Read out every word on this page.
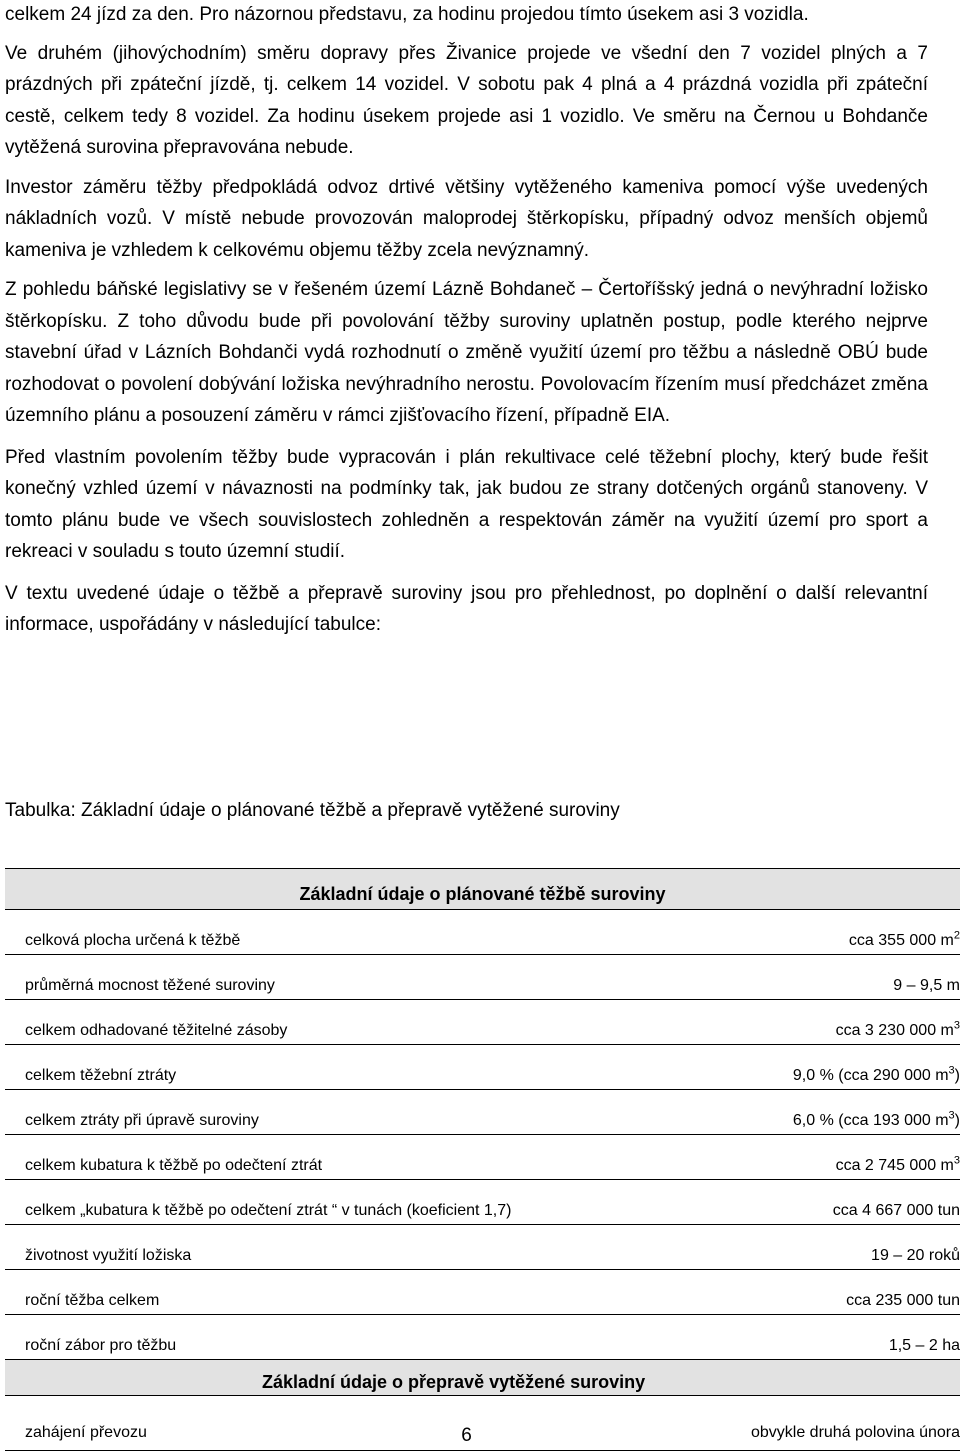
celkem 24 jízd za den. Pro názornou představu, za hodinu projedou tímto úsekem asi 3 vozidla.

Ve druhém (jihovýchodním) směru dopravy přes Živanice projede ve všední den 7 vozidel plných a 7 prázdných při zpáteční jízdě, tj. celkem 14 vozidel. V sobotu pak 4 plná a 4 prázdná vozidla při zpáteční cestě, celkem tedy 8 vozidel. Za hodinu úsekem projede asi 1 vozidlo. Ve směru na Černou u Bohdanče vytěžená surovina přepravována nebude.

Investor záměru těžby předpokládá odvoz drtivé většiny vytěženého kameniva pomocí výše uvedených nákladních vozů. V místě nebude provozován maloprodej štěrkopísku, případný odvoz menších objemů kameniva je vzhledem k celkovému objemu těžby zcela nevýznamný.

Z pohledu báňské legislativy se v řešeném území Lázně Bohdaneč – Čertoříšský jedná o nevýhradní ložisko štěrkopísku. Z toho důvodu bude při povolování těžby suroviny uplatněn postup, podle kterého nejprve stavební úřad v Lázních Bohdanči vydá rozhodnutí o změně využití území pro těžbu a následně OBÚ bude rozhodovat o povolení dobývání ložiska nevýhradního nerostu. Povolovacím řízením musí předcházet změna územního plánu a posouzení záměru v rámci zjišťovacího řízení, případně EIA.

Před vlastním povolením těžby bude vypracován i plán rekultivace celé těžební plochy, který bude řešit konečný vzhled území v návaznosti na podmínky tak, jak budou ze strany dotčených orgánů stanoveny. V tomto plánu bude ve všech souvislostech zohledněn a respektován záměr na využití území pro sport a rekreaci v souladu s touto územní studií.

V textu uvedené údaje o těžbě a přepravě suroviny jsou pro přehlednost, po doplnění o další relevantní informace, uspořádány v následující tabulce:

Tabulka: Základní údaje o plánované těžbě a přepravě vytěžené suroviny

Základní údaje o plánované těžbě suroviny	
celková plocha určená k těžbě	cca 355 000 $m^2$
průměrná mocnost těžené suroviny	9 – 9,5 m
celkem odhadované těžitelné zásoby	cca 3 230 000 $m^3$
celkem těžební ztráty	9,0 % (cca 290 000 $m^3$)
celkem ztráty při úpravě suroviny	6,0 % (cca 193 000 $m^3$)
celkem kubatura k těžbě po odečtení ztrát	cca 2 745 000 $m^3$
celkem „kubatura k těžbě po odečtení ztrát “ v tunách (koeficient 1,7)	cca 4 667 000 tun
životnost využití ložiska	19 – 20 roků
roční těžba celkem	cca 235 000 tun
roční zábor pro těžbu	1,5 – 2 ha
Základní údaje o přepravě vytěžené suroviny	
zahájení převozu	obvykle druhá polovina února
6
